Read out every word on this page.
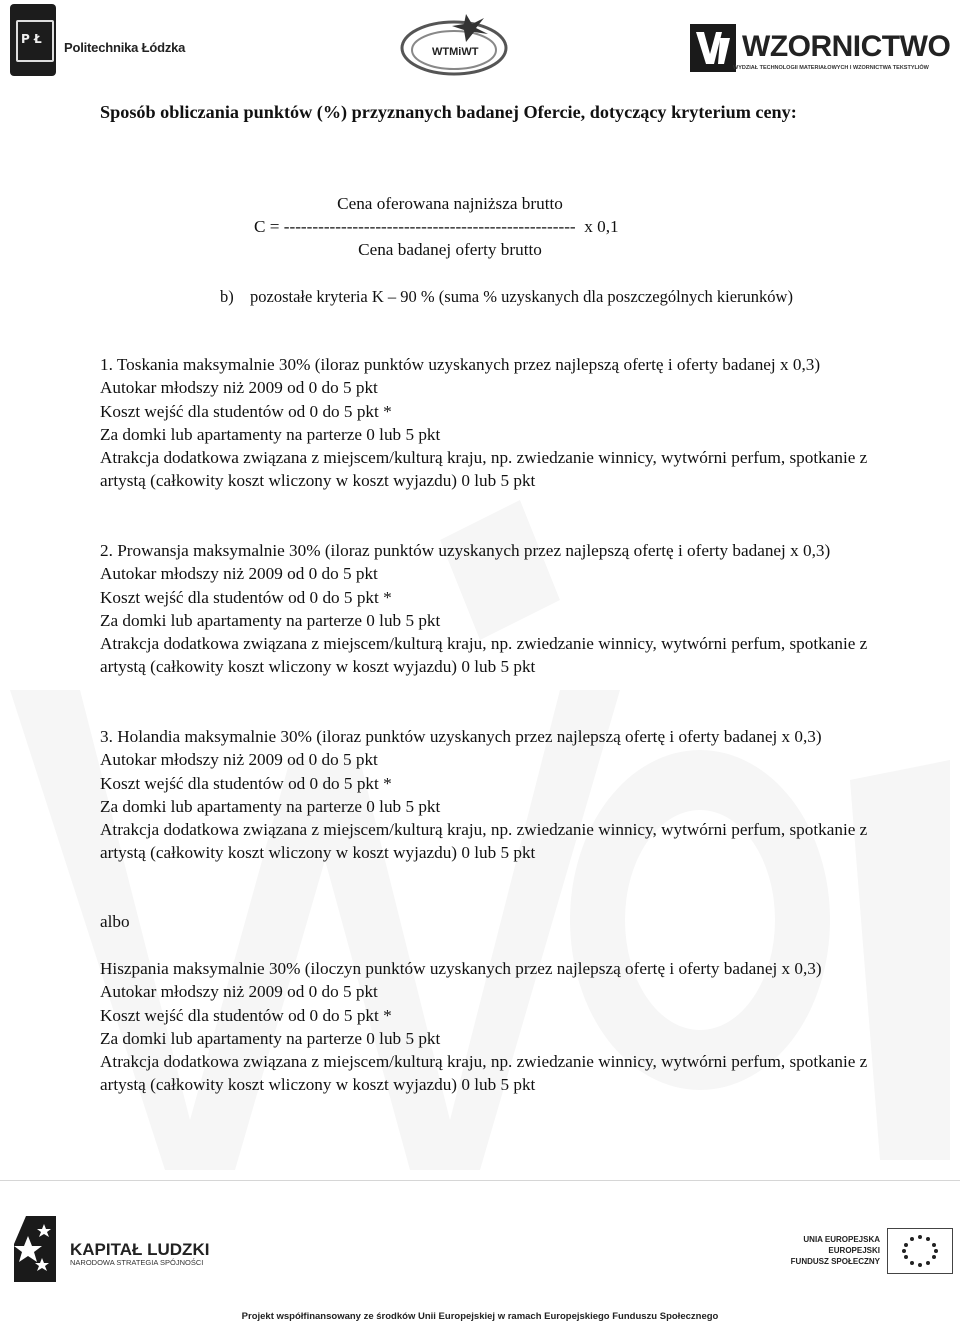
P Ł
Politechnika Łódzka	WTMiWT	WZORNICTWO
WYDZIAŁ TECHNOLOGII MATERIAŁOWYCH I WZORNICTWA TEKSTYLIÓW
Sposób obliczania punktów (%) przyznanych badanej Ofercie, dotyczący kryterium ceny:
Cena oferowana najniższa brutto
C = ---------------------------------------------------  x 0,1
Cena badanej oferty brutto
b) pozostałe kryteria K – 90 % (suma % uzyskanych dla poszczególnych kierunków)

1. Toskania maksymalnie 30% (iloraz punktów uzyskanych przez najlepszą ofertę i oferty badanej x 0,3)

Autokar młodszy niż 2009 od 0 do 5 pkt

Koszt wejść dla studentów od 0 do 5 pkt *

Za domki lub apartamenty na parterze 0 lub 5 pkt

Atrakcja dodatkowa związana z miejscem/kulturą kraju, np. zwiedzanie winnicy, wytwórni perfum, spotkanie z artystą (całkowity koszt wliczony w koszt wyjazdu) 0 lub 5 pkt

2. Prowansja maksymalnie 30% (iloraz punktów uzyskanych przez najlepszą ofertę i oferty badanej x 0,3)

Autokar młodszy niż 2009 od 0 do 5 pkt

Koszt wejść dla studentów od 0 do 5 pkt *

Za domki lub apartamenty na parterze 0 lub 5 pkt

Atrakcja dodatkowa związana z miejscem/kulturą kraju, np. zwiedzanie winnicy, wytwórni perfum, spotkanie z artystą (całkowity koszt wliczony w koszt wyjazdu) 0 lub 5 pkt

3. Holandia maksymalnie 30% (iloraz punktów uzyskanych przez najlepszą ofertę i oferty badanej x 0,3)

Autokar młodszy niż 2009 od 0 do 5 pkt

Koszt wejść dla studentów od 0 do 5 pkt *

Za domki lub apartamenty na parterze 0 lub 5 pkt

Atrakcja dodatkowa związana z miejscem/kulturą kraju, np. zwiedzanie winnicy, wytwórni perfum, spotkanie z artystą (całkowity koszt wliczony w koszt wyjazdu) 0 lub 5 pkt

albo

Hiszpania maksymalnie 30% (iloczyn punktów uzyskanych przez najlepszą ofertę i oferty badanej x 0,3)

Autokar młodszy niż 2009 od 0 do 5 pkt

Koszt wejść dla studentów od 0 do 5 pkt *

Za domki lub apartamenty na parterze 0 lub 5 pkt

Atrakcja dodatkowa związana z miejscem/kulturą kraju, np. zwiedzanie winnicy, wytwórni perfum, spotkanie z artystą (całkowity koszt wliczony w koszt wyjazdu) 0 lub 5 pkt

KAPITAŁ LUDZKI
NARODOWA STRATEGIA SPÓJNOŚCI
UNIA EUROPEJSKA
EUROPEJSKI
FUNDUSZ SPOŁECZNY
Projekt współfinansowany ze środków Unii Europejskiej w ramach Europejskiego Funduszu Społecznego
